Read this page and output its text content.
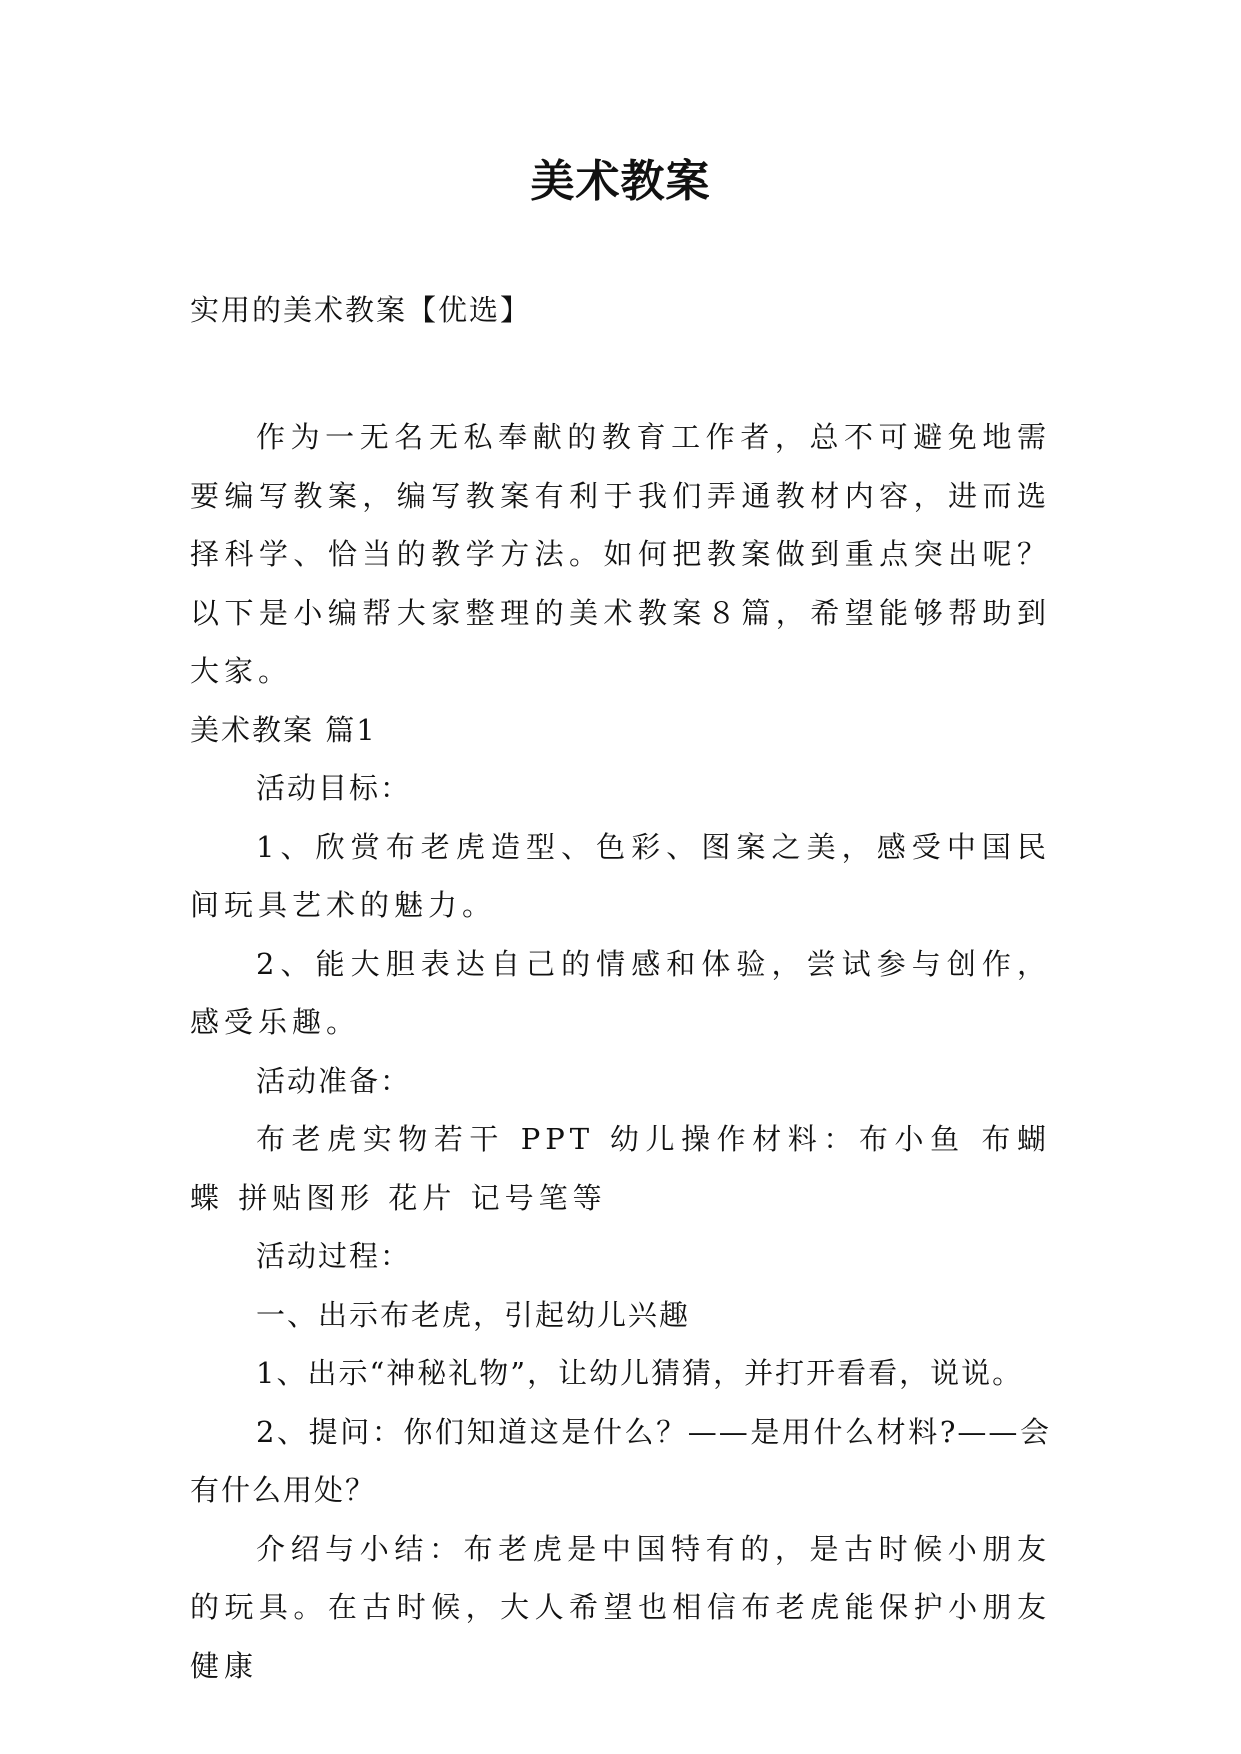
美术教案
实用的美术教案【优选】

作为一无名无私奉献的教育工作者，总不可避免地需要编写教案，编写教案有利于我们弄通教材内容，进而选择科学、恰当的教学方法。如何把教案做到重点突出呢？以下是小编帮大家整理的美术教案８篇，希望能够帮助到大家。

美术教案 篇1

活动目标：

1、欣赏布老虎造型、色彩、图案之美，感受中国民间玩具艺术的魅力。

2、能大胆表达自己的情感和体验，尝试参与创作，感受乐趣。

活动准备：

布老虎实物若干 PPT 幼儿操作材料：布小鱼 布蝴蝶 拼贴图形 花片 记号笔等

活动过程：

一、出示布老虎，引起幼儿兴趣

1、出示“神秘礼物”，让幼儿猜猜，并打开看看，说说。

2、提问：你们知道这是什么？——是用什么材料?——会有什么用处？

介绍与小结：布老虎是中国特有的，是古时候小朋友的玩具。在古时候，大人希望也相信布老虎能保护小朋友健康
